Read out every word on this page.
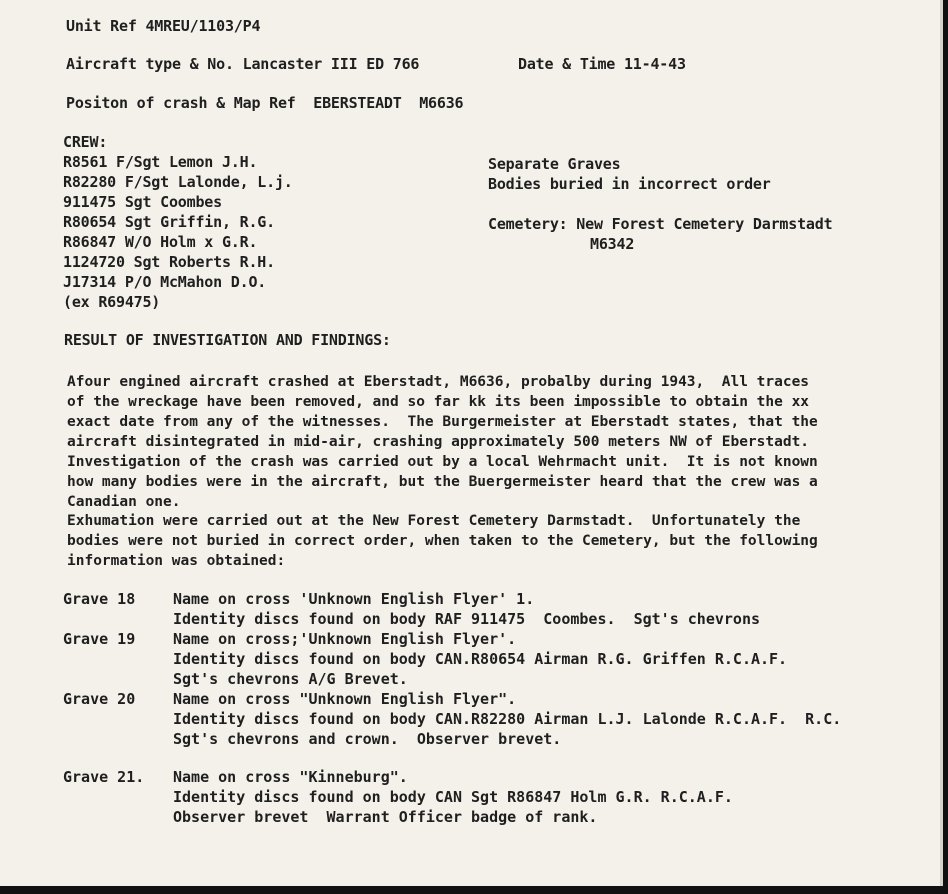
Unit Ref 4MREU/1103/P4
Aircraft type & No. Lancaster III ED 766	Date & Time 11-4-43
Positon of crash & Map Ref  EBERSTEADT  M6636
CREW:
R8561 F/Sgt Lemon J.H.
R82280 F/Sgt Lalonde, L.j.
911475 Sgt Coombes
R80654 Sgt Griffin, R.G.
R86847 W/O Holm x G.R.
1124720 Sgt Roberts R.H.
J17314 P/O McMahon D.O.
(ex R69475)
Separate Graves
Bodies buried in incorrect order
Cemetery: New Forest Cemetery Darmstadt
M6342
RESULT OF INVESTIGATION AND FINDINGS:
Afour engined aircraft crashed at Eberstadt, M6636, probalby during 1943,  All traces
of the wreckage have been removed, and so far kk its been impossible to obtain the xx
exact date from any of the witnesses.  The Burgermeister at Eberstadt states, that the
aircraft disintegrated in mid-air, crashing approximately 500 meters NW of Eberstadt.
Investigation of the crash was carried out by a local Wehrmacht unit.  It is not known
how many bodies were in the aircraft, but the Buergermeister heard that the crew was a
Canadian one.
Exhumation were carried out at the New Forest Cemetery Darmstadt.  Unfortunately the
bodies were not buried in correct order, when taken to the Cemetery, but the following
information was obtained:
Grave 18	Name on cross 'Unknown English Flyer' 1.
Identity discs found on body RAF 911475  Coombes.  Sgt's chevrons
Grave 19	Name on cross;'Unknown English Flyer'.
Identity discs found on body CAN.R80654 Airman R.G. Griffen R.C.A.F.
Sgt's chevrons A/G Brevet.
Grave 20	Name on cross "Unknown English Flyer".
Identity discs found on body CAN.R82280 Airman L.J. Lalonde R.C.A.F.  R.C.
Sgt's chevrons and crown.  Observer brevet.
Grave 21. Name on cross "Kinneburg".
Identity discs found on body CAN Sgt R86847 Holm G.R. R.C.A.F.
Observer brevet  Warrant Officer badge of rank.
